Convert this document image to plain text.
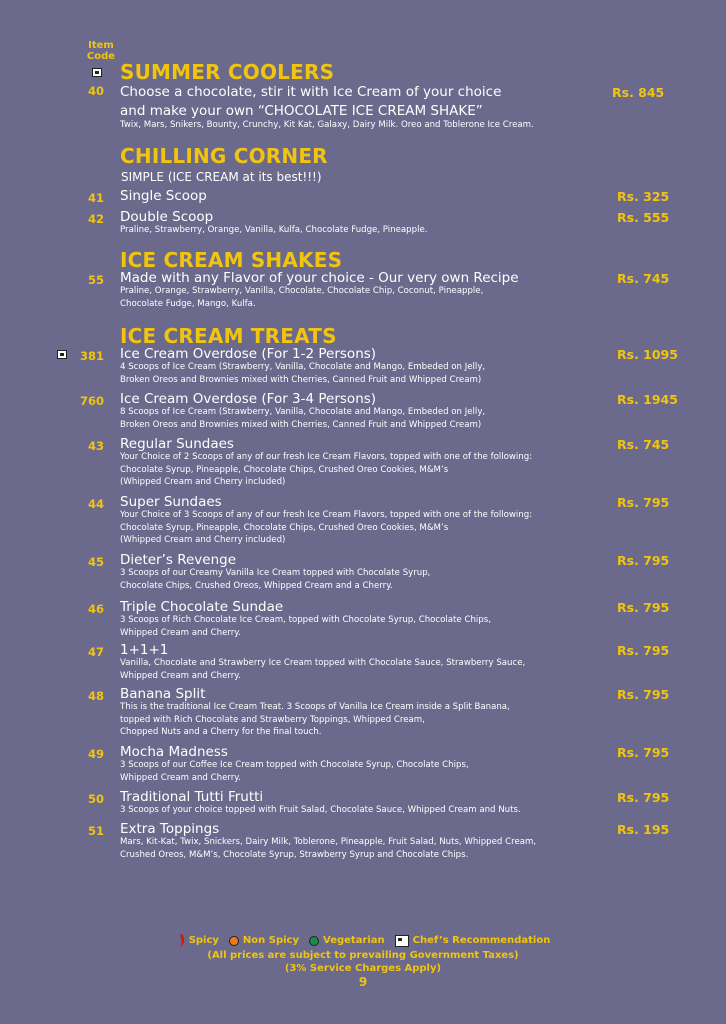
Item Code
SUMMER COOLERS
40 Choose a chocolate, stir it with Ice Cream of your choice
and make your own “CHOCOLATE ICE CREAM SHAKE”
Twix, Mars, Snikers, Bounty, Crunchy, Kit Kat, Galaxy, Dairy Milk. Oreo and Toblerone Ice Cream.
Rs. 845
CHILLING CORNER
SIMPLE (ICE CREAM at its best!!!)
41 Single Scoop	Rs. 325
42 Double Scoop
Praline, Strawberry, Orange, Vanilla, Kulfa, Chocolate Fudge, Pineapple.
Rs. 555
ICE CREAM SHAKES
55 Made with any Flavor of your choice - Our very own Recipe
Praline, Orange, Strawberry, Vanilla, Chocolate, Chocolate Chip, Coconut, Pineapple,
Chocolate Fudge, Mango, Kulfa.
Rs. 745
ICE CREAM TREATS
381 Ice Cream Overdose (For 1-2 Persons)
4 Scoops of Ice Cream (Strawberry, Vanilla, Chocolate and Mango, Embeded on Jelly,
Broken Oreos and Brownies mixed with Cherries, Canned Fruit and Whipped Cream)
Rs. 1095
760 Ice Cream Overdose (For 3-4 Persons)
8 Scoops of Ice Cream (Strawberry, Vanilla, Chocolate and Mango, Embeded on Jelly,
Broken Oreos and Brownies mixed with Cherries, Canned Fruit and Whipped Cream)
Rs. 1945
43 Regular Sundaes
Your Choice of 2 Scoops of any of our fresh Ice Cream Flavors, topped with one of the following:
Chocolate Syrup, Pineapple, Chocolate Chips, Crushed Oreo Cookies, M&M’s
(Whipped Cream and Cherry included)
Rs. 745
44 Super Sundaes
Your Choice of 3 Scoops of any of our fresh Ice Cream Flavors, topped with one of the following:
Chocolate Syrup, Pineapple, Chocolate Chips, Crushed Oreo Cookies, M&M’s
(Whipped Cream and Cherry included)
Rs. 795
45 Dieter’s Revenge
3 Scoops of our Creamy Vanilla Ice Cream topped with Chocolate Syrup,
Chocolate Chips, Crushed Oreos, Whipped Cream and a Cherry.
Rs. 795
46 Triple Chocolate Sundae
3 Scoops of Rich Chocolate Ice Cream, topped with Chocolate Syrup, Chocolate Chips,
Whipped Cream and Cherry.
Rs. 795
47 1+1+1
Vanilla, Chocolate and Strawberry Ice Cream topped with Chocolate Sauce, Strawberry Sauce,
Whipped Cream and Cherry.
Rs. 795
48 Banana Split
This is the traditional Ice Cream Treat. 3 Scoops of Vanilla Ice Cream inside a Split Banana,
topped with Rich Chocolate and Strawberry Toppings, Whipped Cream,
Chopped Nuts and a Cherry for the final touch.
Rs. 795
49 Mocha Madness
3 Scoops of our Coffee Ice Cream topped with Chocolate Syrup, Chocolate Chips,
Whipped Cream and Cherry.
Rs. 795
50 Traditional Tutti Frutti
3 Scoops of your choice topped with Fruit Salad, Chocolate Sauce, Whipped Cream and Nuts.
Rs. 795
51 Extra Toppings
Mars, Kit-Kat, Twix, Snickers, Dairy Milk, Toblerone, Pineapple, Fruit Salad, Nuts, Whipped Cream,
Crushed Oreos, M&M’s, Chocolate Syrup, Strawberry Syrup and Chocolate Chips.
Rs. 195
Spicy Non Spicy Vegetarian	Chef’s Recommendation
(All prices are subject to prevailing Government Taxes)
(3% Service Charges Apply)
9
